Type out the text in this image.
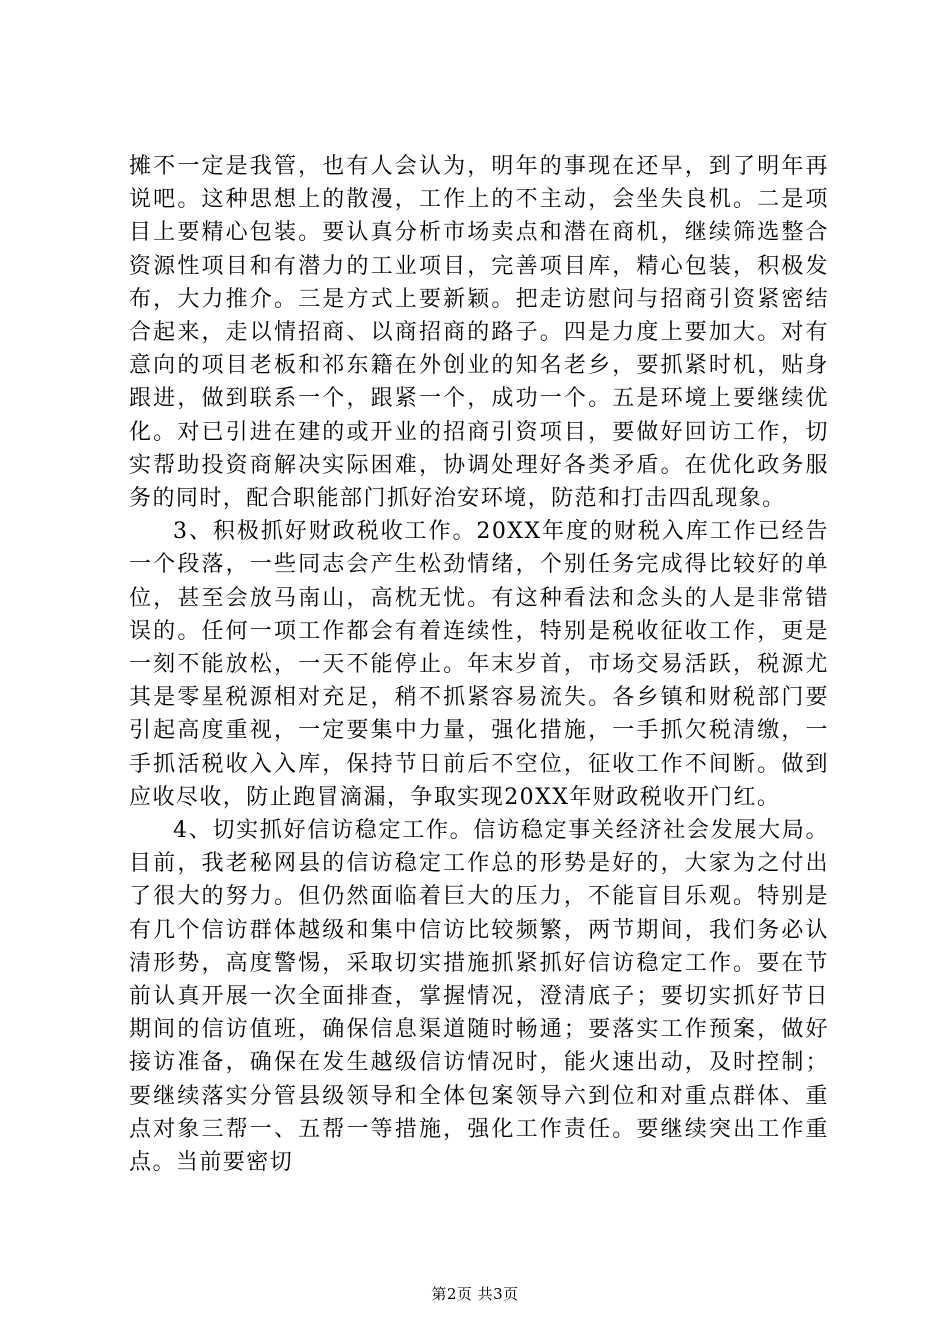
摊不一定是我管，也有人会认为，明年的事现在还早，到了明年再说吧。这种思想上的散漫，工作上的不主动，会坐失良机。二是项目上要精心包装。要认真分析市场卖点和潜在商机，继续筛选整合资源性项目和有潜力的工业项目，完善项目库，精心包装，积极发布，大力推介。三是方式上要新颖。把走访慰问与招商引资紧密结合起来，走以情招商、以商招商的路子。四是力度上要加大。对有意向的项目老板和祁东籍在外创业的知名老乡，要抓紧时机，贴身跟进，做到联系一个，跟紧一个，成功一个。五是环境上要继续优化。对已引进在建的或开业的招商引资项目，要做好回访工作，切实帮助投资商解决实际困难，协调处理好各类矛盾。在优化政务服务的同时，配合职能部门抓好治安环境，防范和打击四乱现象。

3、积极抓好财政税收工作。20XX年度的财税入库工作已经告一个段落，一些同志会产生松劲情绪，个别任务完成得比较好的单位，甚至会放马南山，高枕无忧。有这种看法和念头的人是非常错误的。任何一项工作都会有着连续性，特别是税收征收工作，更是一刻不能放松，一天不能停止。年末岁首，市场交易活跃，税源尤其是零星税源相对充足，稍不抓紧容易流失。各乡镇和财税部门要引起高度重视，一定要集中力量，强化措施，一手抓欠税清缴，一手抓活税收入入库，保持节日前后不空位，征收工作不间断。做到应收尽收，防止跑冒滴漏，争取实现20XX年财政税收开门红。

4、切实抓好信访稳定工作。信访稳定事关经济社会发展大局。目前，我老秘网县的信访稳定工作总的形势是好的，大家为之付出了很大的努力。但仍然面临着巨大的压力，不能盲目乐观。特别是有几个信访群体越级和集中信访比较频繁，两节期间，我们务必认清形势，高度警惕，采取切实措施抓紧抓好信访稳定工作。要在节前认真开展一次全面排查，掌握情况，澄清底子；要切实抓好节日期间的信访值班，确保信息渠道随时畅通；要落实工作预案，做好接访准备，确保在发生越级信访情况时，能火速出动，及时控制；要继续落实分管县级领导和全体包案领导六到位和对重点群体、重点对象三帮一、五帮一等措施，强化工作责任。要继续突出工作重点。当前要密切

第2页 共3页
